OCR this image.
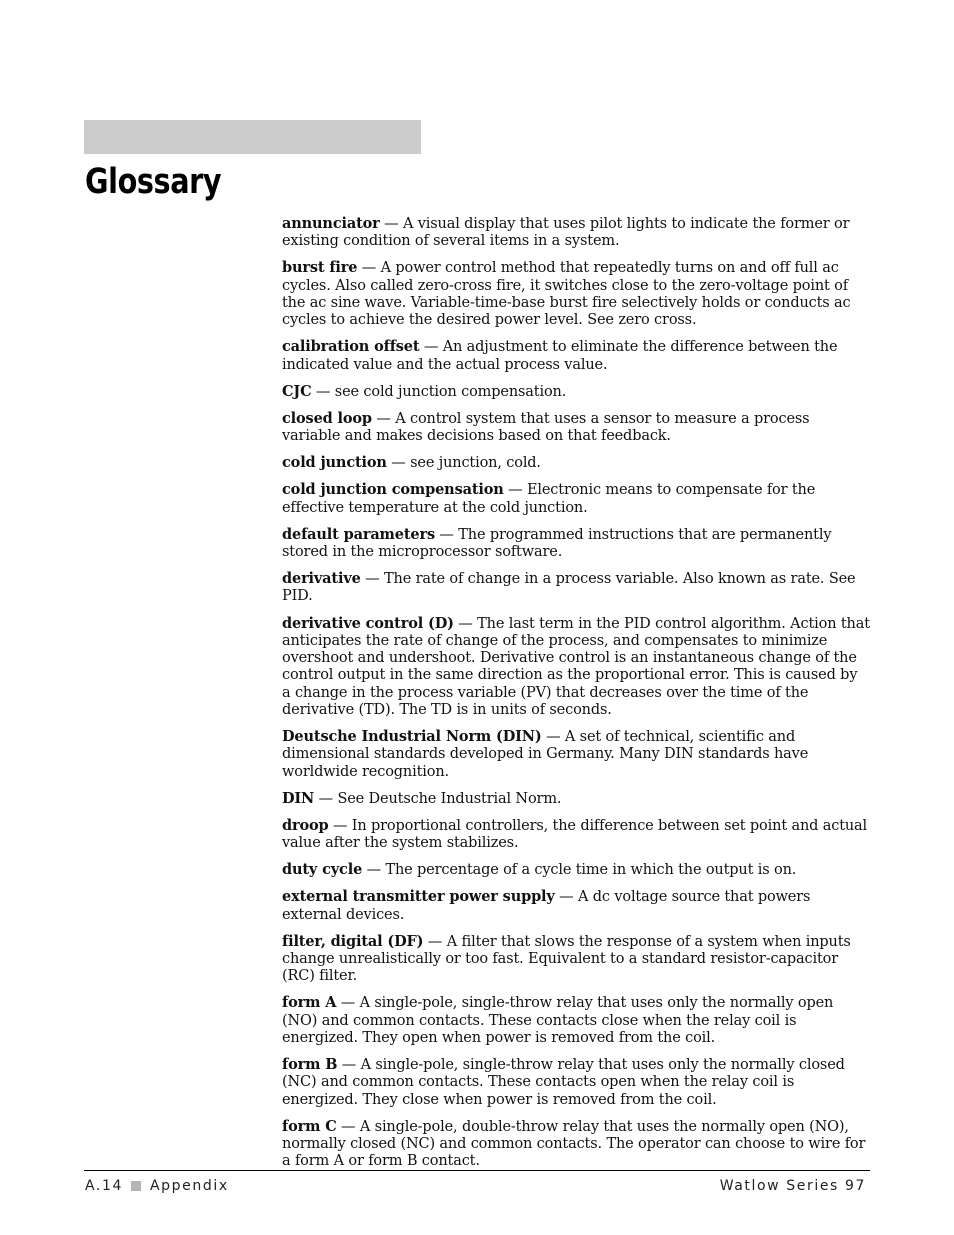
Glossary

annunciator — A visual display that uses pilot lights to indicate the former or existing condition of several items in a system.

burst fire — A power control method that repeatedly turns on and off full ac cycles. Also called zero-cross fire, it switches close to the zero-voltage point of the ac sine wave. Variable-time-base burst fire selectively holds or conducts ac cycles to achieve the desired power level. See zero cross.

calibration offset — An adjustment to eliminate the difference between the indicated value and the actual process value.

CJC — see cold junction compensation.

closed loop — A control system that uses a sensor to measure a process variable and makes decisions based on that feedback.

cold junction — see junction, cold.

cold junction compensation — Electronic means to compensate for the effective temperature at the cold junction.

default parameters — The programmed instructions that are permanently stored in the microprocessor software.

derivative — The rate of change in a process variable. Also known as rate. See PID.

derivative control (D) — The last term in the PID control algorithm. Action that anticipates the rate of change of the process, and compensates to minimize overshoot and undershoot. Derivative control is an instantaneous change of the control output in the same direction as the proportional error. This is caused by a change in the process variable (PV) that decreases over the time of the derivative (TD). The TD is in units of seconds.

Deutsche Industrial Norm (DIN) — A set of technical, scientific and dimensional standards developed in Germany. Many DIN standards have worldwide recognition.

DIN — See Deutsche Industrial Norm.

droop — In proportional controllers, the difference between set point and actual value after the system stabilizes.

duty cycle — The percentage of a cycle time in which the output is on.

external transmitter power supply — A dc voltage source that powers external devices.

filter, digital (DF) — A filter that slows the response of a system when inputs change unrealistically or too fast. Equivalent to a standard resistor-capacitor (RC) filter.

form A — A single-pole, single-throw relay that uses only the normally open (NO) and common contacts. These contacts close when the relay coil is energized. They open when power is removed from the coil.

form B — A single-pole, single-throw relay that uses only the normally closed (NC) and common contacts. These contacts open when the relay coil is energized. They close when power is removed from the coil.

form C — A single-pole, double-throw relay that uses the normally open (NO), normally closed (NC) and common contacts. The operator can choose to wire for a form A or form B contact.

A.14 Appendix	Watlow Series 97
